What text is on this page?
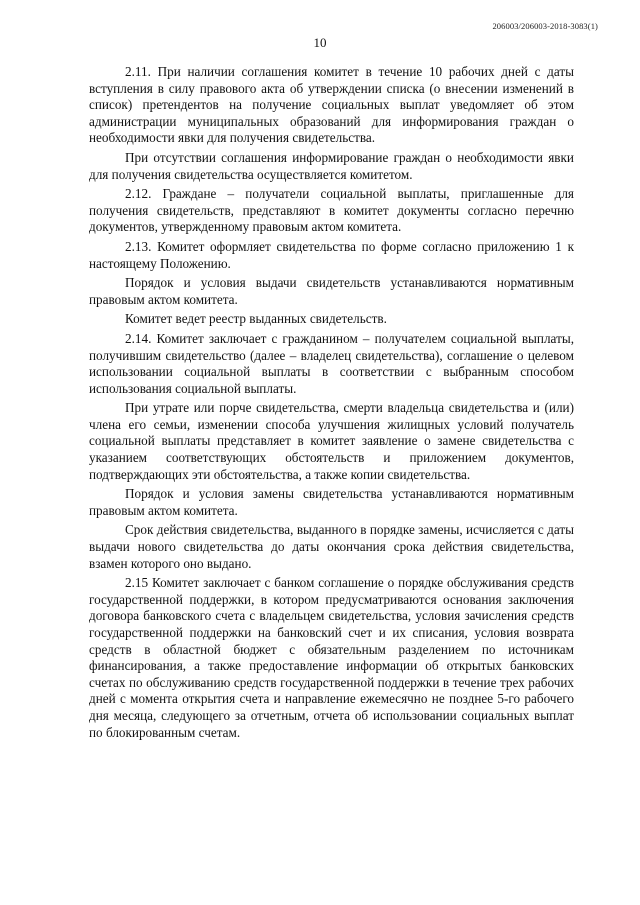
206003/206003-2018-3083(1)
10

2.11. При наличии соглашения комитет в течение 10 рабочих дней с даты вступления в силу правового акта об утверждении списка (о внесении изменений в список) претендентов на получение социальных выплат уведомляет об этом администрации муниципальных образований для информирования граждан о необходимости явки для получения свидетельства.

При отсутствии соглашения информирование граждан о необходимости явки для получения свидетельства осуществляется комитетом.

2.12. Граждане – получатели социальной выплаты, приглашенные для получения свидетельств, представляют в комитет документы согласно перечню документов, утвержденному правовым актом комитета.

2.13. Комитет оформляет свидетельства по форме согласно приложению 1 к настоящему Положению.

Порядок и условия выдачи свидетельств устанавливаются нормативным правовым актом комитета.

Комитет ведет реестр выданных свидетельств.

2.14. Комитет заключает с гражданином – получателем социальной выплаты, получившим свидетельство (далее – владелец свидетельства), соглашение о целевом использовании социальной выплаты в соответствии с выбранным способом использования социальной выплаты.

При утрате или порче свидетельства, смерти владельца свидетельства и (или) члена его семьи, изменении способа улучшения жилищных условий получатель социальной выплаты представляет в комитет заявление о замене свидетельства с указанием соответствующих обстоятельств и приложением документов, подтверждающих эти обстоятельства, а также копии свидетельства.

Порядок и условия замены свидетельства устанавливаются нормативным правовым актом комитета.

Срок действия свидетельства, выданного в порядке замены, исчисляется с даты выдачи нового свидетельства до даты окончания срока действия свидетельства, взамен которого оно выдано.

2.15 Комитет заключает с банком соглашение о порядке обслуживания средств государственной поддержки, в котором предусматриваются основания заключения договора банковского счета с владельцем свидетельства, условия зачисления средств государственной поддержки на банковский счет и их списания, условия возврата средств в областной бюджет с обязательным разделением по источникам финансирования, а также предоставление информации об открытых банковских счетах по обслуживанию средств государственной поддержки в течение трех рабочих дней с момента открытия счета и направление ежемесячно не позднее 5-го рабочего дня месяца, следующего за отчетным, отчета об использовании социальных выплат по блокированным счетам.
